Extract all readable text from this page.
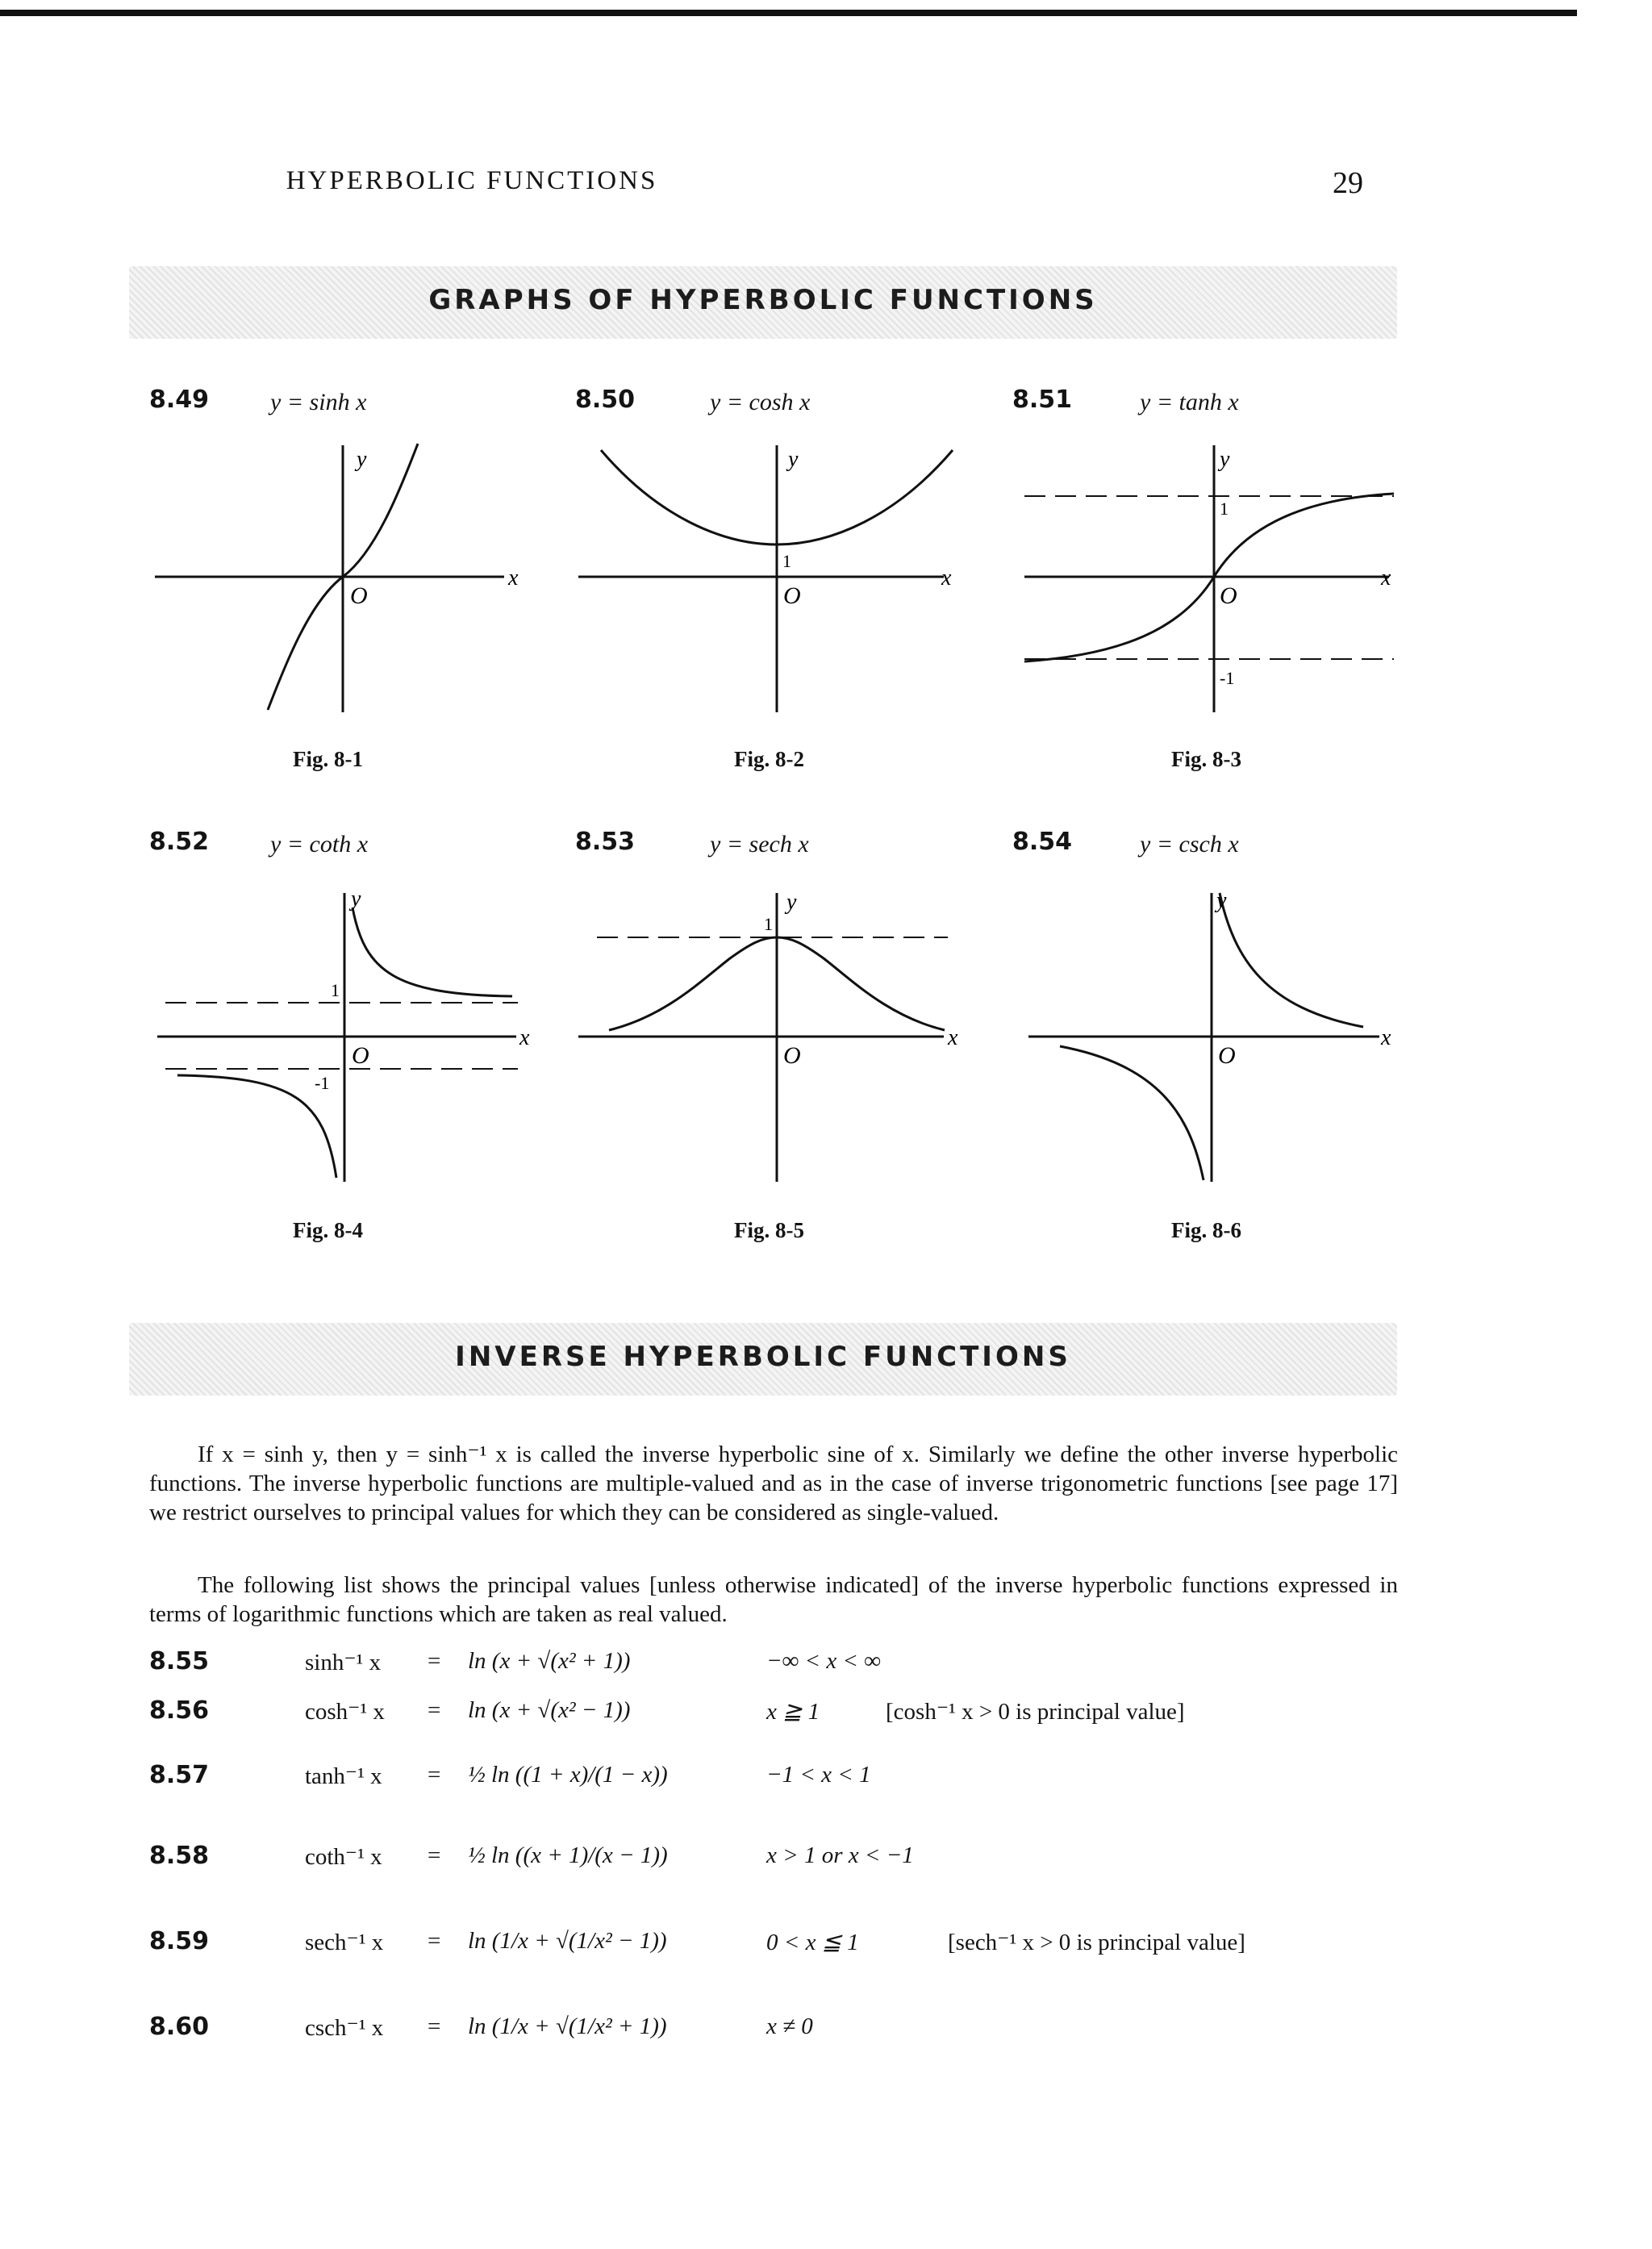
HYPERBOLIC FUNCTIONS	29
GRAPHS OF HYPERBOLIC FUNCTIONS
8.49	y = sinh x	8.50	y = cosh x	8.51	y = tanh x
y
x
O
1
y
x
O
1
-1
y
x
O
Fig. 8-1	Fig. 8-2	Fig. 8-3
8.52	y = coth x	8.53	y = sech x	8.54	y = csch x
1
-1
y
x
O
1
y
x
O
y
x
O
Fig. 8-4	Fig. 8-5	Fig. 8-6
INVERSE HYPERBOLIC FUNCTIONS
If x = sinh y, then y = sinh⁻¹ x is called the inverse hyperbolic sine of x. Similarly we define the other inverse hyperbolic functions. The inverse hyperbolic functions are multiple-valued and as in the case of inverse trigonometric functions [see page 17] we restrict ourselves to principal values for which they can be considered as single-valued.
The following list shows the principal values [unless otherwise indicated] of the inverse hyperbolic functions expressed in terms of logarithmic functions which are taken as real valued.
8.55	sinh⁻¹ x = ln (x + √(x² + 1))	−∞ < x < ∞
8.56	cosh⁻¹ x = ln (x + √(x² − 1))	x ≧ 1	[cosh⁻¹ x > 0 is principal value]
8.57	tanh⁻¹ x = ½ ln ((1 + x)/(1 − x))	−1 < x < 1
8.58	coth⁻¹ x = ½ ln ((x + 1)/(x − 1))	x > 1 or x < −1
8.59	sech⁻¹ x = ln (1/x + √(1/x² − 1))	0 < x ≦ 1	[sech⁻¹ x > 0 is principal value]
8.60	csch⁻¹ x = ln (1/x + √(1/x² + 1))	x ≠ 0
